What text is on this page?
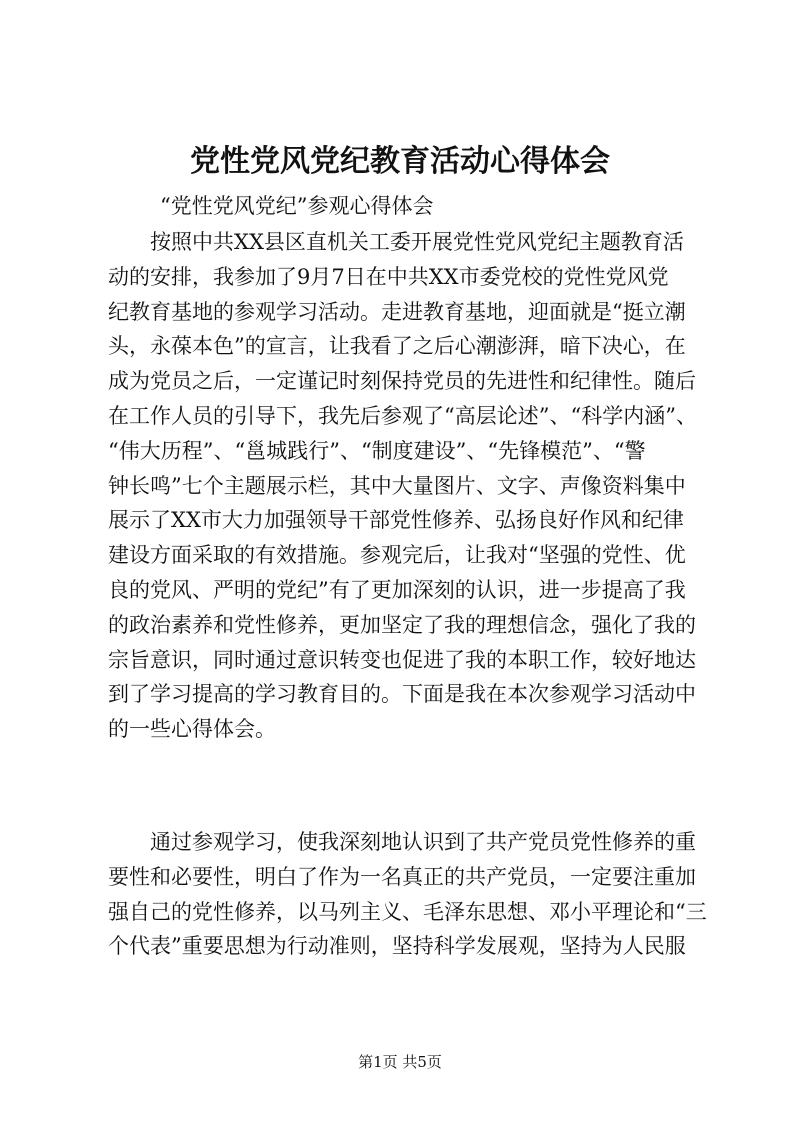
党性党风党纪教育活动心得体会

“党性党风党纪”参观心得体会

　　按照中共XX县区直机关工委开展党性党风党纪主题教育活
动的安排，我参加了9月7日在中共XX市委党校的党性党风党
纪教育基地的参观学习活动。走进教育基地，迎面就是“挺立潮
头，永葆本色”的宣言，让我看了之后心潮澎湃，暗下决心，在
成为党员之后，一定谨记时刻保持党员的先进性和纪律性。随后
在工作人员的引导下，我先后参观了“高层论述”、“科学内涵”、
“伟大历程”、“邕城践行”、“制度建设”、“先锋模范”、“警
钟长鸣”七个主题展示栏，其中大量图片、文字、声像资料集中
展示了XX市大力加强领导干部党性修养、弘扬良好作风和纪律
建设方面采取的有效措施。参观完后，让我对“坚强的党性、优
良的党风、严明的党纪”有了更加深刻的认识，进一步提高了我
的政治素养和党性修养，更加坚定了我的理想信念，强化了我的
宗旨意识，同时通过意识转变也促进了我的本职工作，较好地达
到了学习提高的学习教育目的。下面是我在本次参观学习活动中
的一些心得体会。
　　通过参观学习，使我深刻地认识到了共产党员党性修养的重
要性和必要性，明白了作为一名真正的共产党员，一定要注重加
强自己的党性修养，以马列主义、毛泽东思想、邓小平理论和“三
个代表”重要思想为行动准则，坚持科学发展观，坚持为人民服
第1页 共5页
